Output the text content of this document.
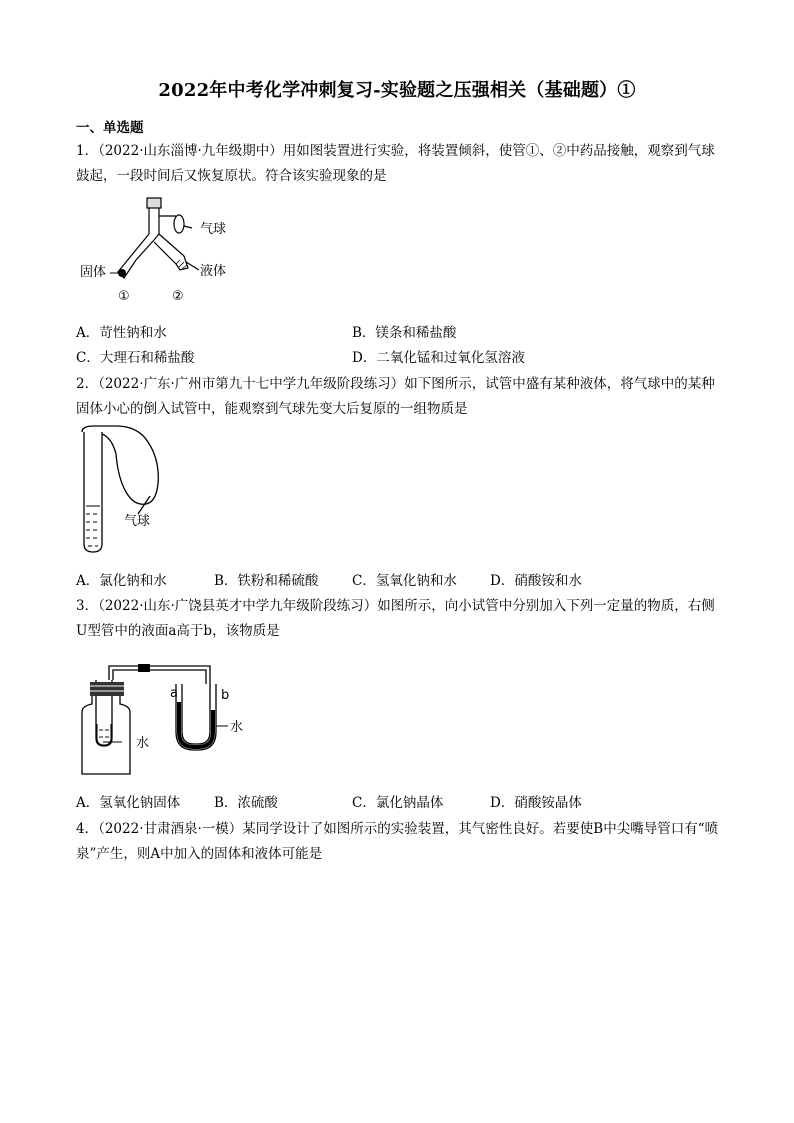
2022年中考化学冲刺复习-实验题之压强相关（基础题）①
一、单选题
1．（2022·山东淄博·九年级期中）用如图装置进行实验，将装置倾斜，使管①、②中药品接触，观察到气球鼓起，一段时间后又恢复原状。符合该实验现象的是
气球
液体
固体
①	②
A．苛性钠和水	B．镁条和稀盐酸
C．大理石和稀盐酸	D．二氧化锰和过氧化氢溶液
2．（2022·广东·广州市第九十七中学九年级阶段练习）如下图所示，试管中盛有某种液体，将气球中的某种固体小心的倒入试管中，能观察到气球先变大后复原的一组物质是
气球
A．氯化钠和水	B．铁粉和稀硫酸 C．氢氧化钠和水 D．硝酸铵和水
3．（2022·山东·广饶县英才中学九年级阶段练习）如图所示，向小试管中分别加入下列一定量的物质，右侧U型管中的液面a高于b，该物质是
a	b
水
水
A．氢氧化钠固体	B．浓硫酸	C．氯化钠晶体	D．硝酸铵晶体
4．（2022·甘肃酒泉·一模）某同学设计了如图所示的实验装置，其气密性良好。若要使B中尖嘴导管口有“喷泉”产生，则A中加入的固体和液体可能是
